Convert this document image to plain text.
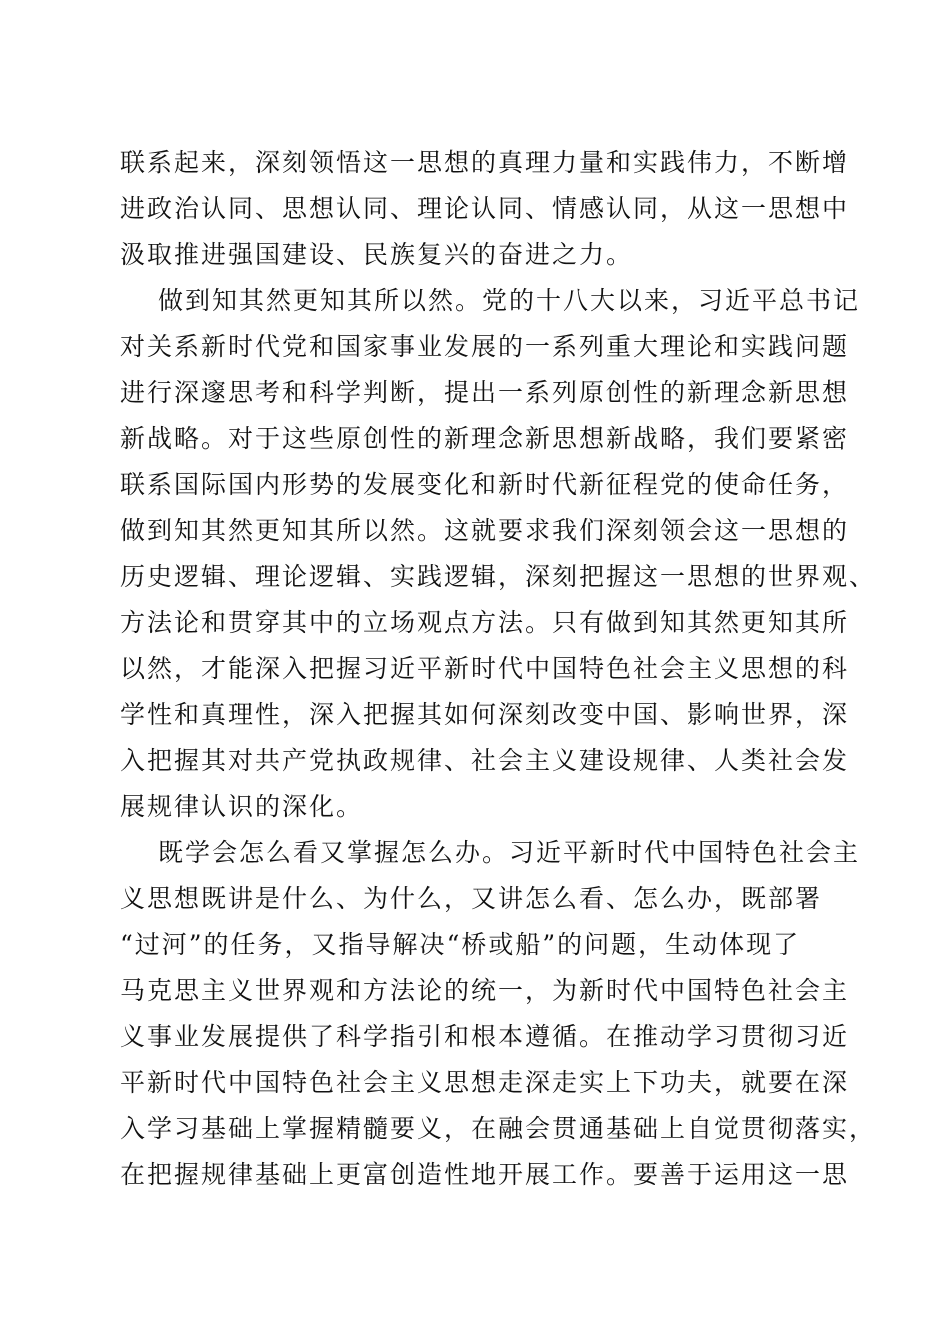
联系起来，深刻领悟这一思想的真理力量和实践伟力，不断增
进政治认同、思想认同、理论认同、情感认同，从这一思想中
汲取推进强国建设、民族复兴的奋进之力。
做到知其然更知其所以然。党的十八大以来，习近平总书记
对关系新时代党和国家事业发展的一系列重大理论和实践问题
进行深邃思考和科学判断，提出一系列原创性的新理念新思想
新战略。对于这些原创性的新理念新思想新战略，我们要紧密
联系国际国内形势的发展变化和新时代新征程党的使命任务，
做到知其然更知其所以然。这就要求我们深刻领会这一思想的
历史逻辑、理论逻辑、实践逻辑，深刻把握这一思想的世界观、
方法论和贯穿其中的立场观点方法。只有做到知其然更知其所
以然，才能深入把握习近平新时代中国特色社会主义思想的科
学性和真理性，深入把握其如何深刻改变中国、影响世界，深
入把握其对共产党执政规律、社会主义建设规律、人类社会发
展规律认识的深化。
既学会怎么看又掌握怎么办。习近平新时代中国特色社会主
义思想既讲是什么、为什么，又讲怎么看、怎么办，既部署
“过河”的任务，又指导解决“桥或船”的问题，生动体现了
马克思主义世界观和方法论的统一，为新时代中国特色社会主
义事业发展提供了科学指引和根本遵循。在推动学习贯彻习近
平新时代中国特色社会主义思想走深走实上下功夫，就要在深
入学习基础上掌握精髓要义，在融会贯通基础上自觉贯彻落实，
在把握规律基础上更富创造性地开展工作。要善于运用这一思
